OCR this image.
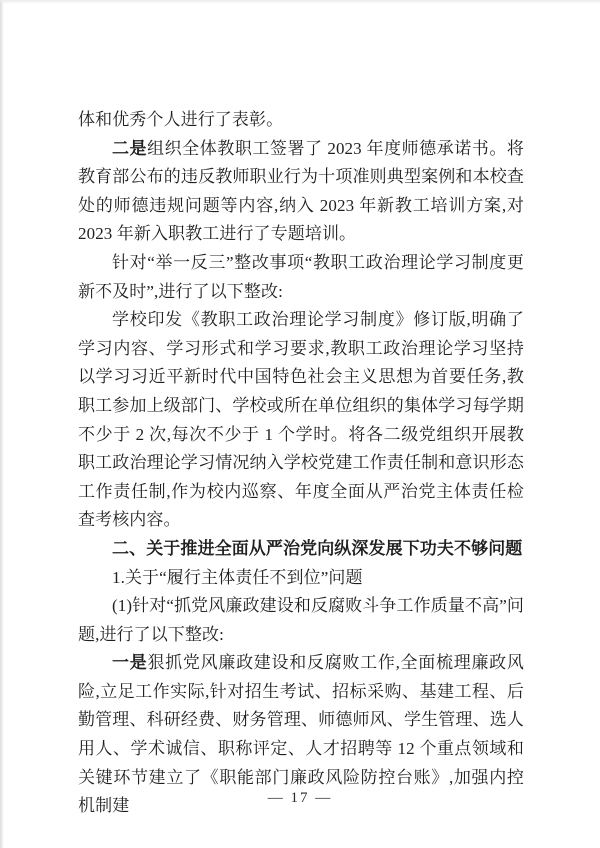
体和优秀个人进行了表彰。

二是组织全体教职工签署了 2023 年度师德承诺书。将教育部公布的违反教师职业行为十项准则典型案例和本校查处的师德违规问题等内容,纳入 2023 年新教工培训方案,对 2023 年新入职教工进行了专题培训。

针对“举一反三”整改事项“教职工政治理论学习制度更新不及时”,进行了以下整改:

学校印发《教职工政治理论学习制度》修订版,明确了学习内容、学习形式和学习要求,教职工政治理论学习坚持以学习习近平新时代中国特色社会主义思想为首要任务,教职工参加上级部门、学校或所在单位组织的集体学习每学期不少于 2 次,每次不少于 1 个学时。将各二级党组织开展教职工政治理论学习情况纳入学校党建工作责任制和意识形态工作责任制,作为校内巡察、年度全面从严治党主体责任检查考核内容。

二、关于推进全面从严治党向纵深发展下功夫不够问题

1.关于“履行主体责任不到位”问题

(1)针对“抓党风廉政建设和反腐败斗争工作质量不高”问题,进行了以下整改:

一是狠抓党风廉政建设和反腐败工作,全面梳理廉政风险,立足工作实际,针对招生考试、招标采购、基建工程、后勤管理、科研经费、财务管理、师德师风、学生管理、选人用人、学术诚信、职称评定、人才招聘等 12 个重点领域和关键环节建立了《职能部门廉政风险防控台账》,加强内控机制建	— 17 —
